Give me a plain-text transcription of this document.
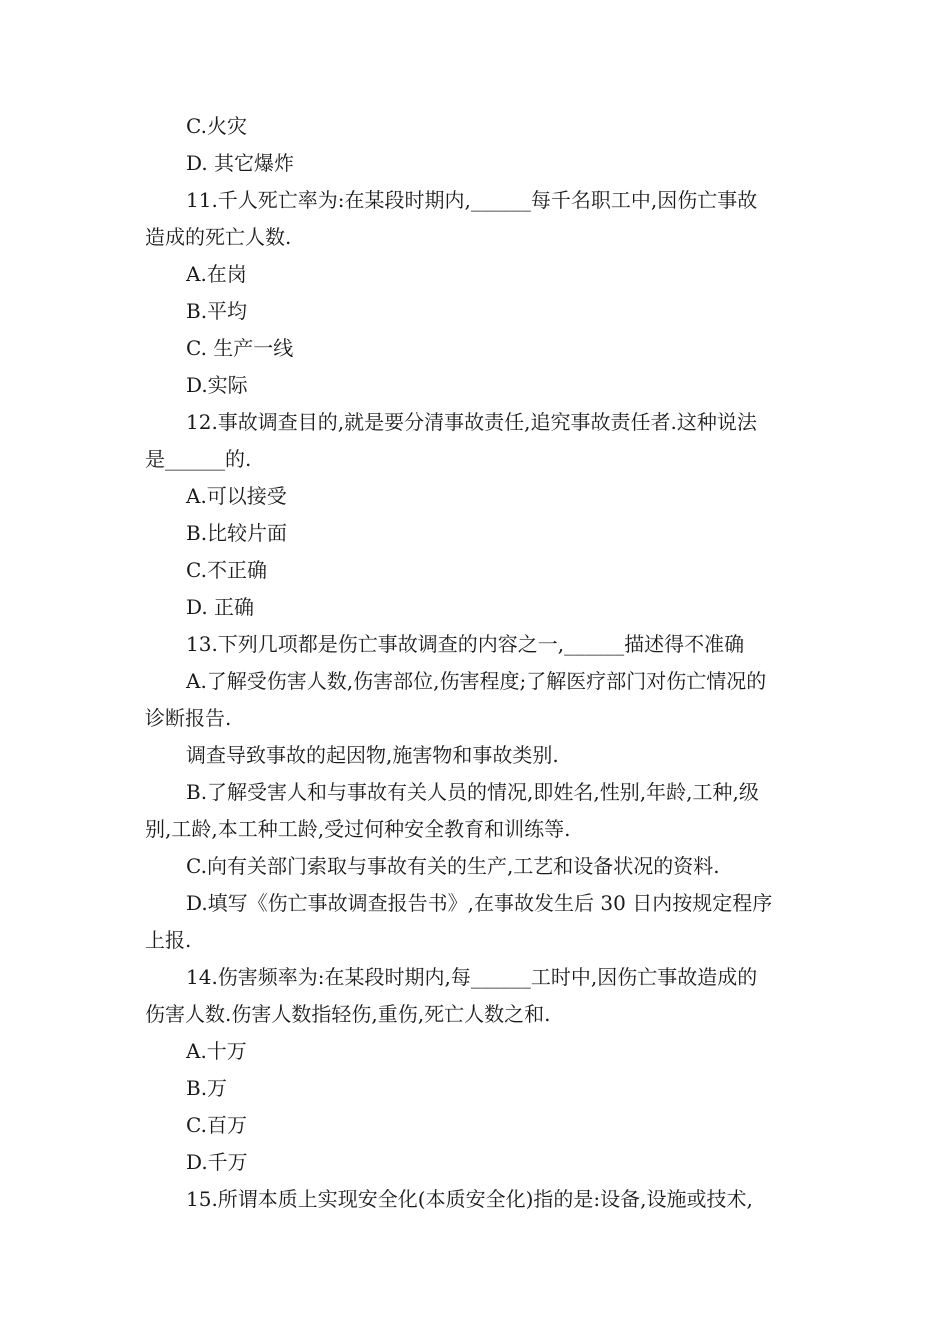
C.火灾
D. 其它爆炸
11.千人死亡率为:在某段时期内,______每千名职工中,因伤亡事故
造成的死亡人数.
A.在岗
B.平均
C. 生产一线
D.实际
12.事故调查目的,就是要分清事故责任,追究事故责任者.这种说法
是______的.
A.可以接受
B.比较片面
C.不正确
D. 正确
13.下列几项都是伤亡事故调查的内容之一,______描述得不准确
A.了解受伤害人数,伤害部位,伤害程度;了解医疗部门对伤亡情况的
诊断报告.
调查导致事故的起因物,施害物和事故类别.
B.了解受害人和与事故有关人员的情况,即姓名,性别,年龄,工种,级
别,工龄,本工种工龄,受过何种安全教育和训练等.
C.向有关部门索取与事故有关的生产,工艺和设备状况的资料.
D.填写《伤亡事故调查报告书》,在事故发生后 30 日内按规定程序
上报.
14.伤害频率为:在某段时期内,每______工时中,因伤亡事故造成的
伤害人数.伤害人数指轻伤,重伤,死亡人数之和.
A.十万
B.万
C.百万
D.千万
15.所谓本质上实现安全化(本质安全化)指的是:设备,设施或技术,
